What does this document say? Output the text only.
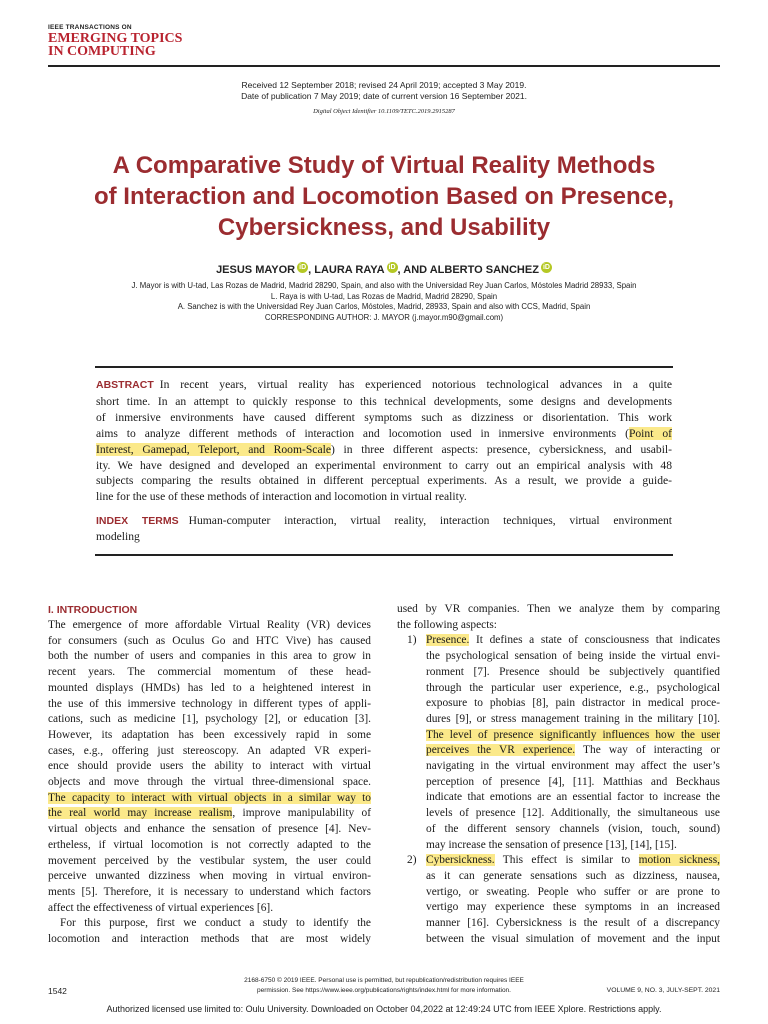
IEEE TRANSACTIONS ON
EMERGING TOPICS
IN COMPUTING
Received 12 September 2018; revised 24 April 2019; accepted 3 May 2019.
Date of publication 7 May 2019; date of current version 16 September 2021.
Digital Object Identifier 10.1109/TETC.2019.2915287
A Comparative Study of Virtual Reality Methods
of Interaction and Locomotion Based on Presence,
Cybersickness, and Usability
JESUS MAYOR iD , LAURA RAYA iD , AND ALBERTO SANCHEZ iD
J. Mayor is with U-tad, Las Rozas de Madrid, Madrid 28290, Spain, and also with the Universidad Rey Juan Carlos, Móstoles Madrid 28933, Spain
L. Raya is with U-tad, Las Rozas de Madrid, Madrid 28290, Spain
A. Sanchez is with the Universidad Rey Juan Carlos, Móstoles, Madrid, 28933, Spain and also with CCS, Madrid, Spain
CORRESPONDING AUTHOR: J. MAYOR (j.mayor.m90@gmail.com)
ABSTRACT In recent years, virtual reality has experienced notorious technological advances in a quite
short time. In an attempt to quickly response to this technical developments, some designs and developments
of inmersive environments have caused different symptoms such as dizziness or disorientation. This work
aims to analyze different methods of interaction and locomotion used in inmersive environments (Point of
Interest, Gamepad, Teleport, and Room-Scale) in three different aspects: presence, cybersickness, and usabil-
ity. We have designed and developed an experimental environment to carry out an empirical analysis with 48
subjects comparing the results obtained in different perceptual experiments. As a result, we provide a guide-
line for the use of these methods of interaction and locomotion in virtual reality.
INDEX TERMS Human-computer interaction, virtual reality, interaction techniques, virtual environment
modeling
I. INTRODUCTION
The emergence of more affordable Virtual Reality (VR) devices
for consumers (such as Oculus Go and HTC Vive) has caused
both the number of users and companies in this area to grow in
recent years. The commercial momentum of these head-
mounted displays (HMDs) has led to a heightened interest in
the use of this immersive technology in different types of appli-
cations, such as medicine [1], psychology [2], or education [3].
However, its adaptation has been excessively rapid in some
cases, e.g., offering just stereoscopy. An adapted VR experi-
ence should provide users the ability to interact with virtual
objects and move through the virtual three-dimensional space.
The capacity to interact with virtual objects in a similar way to
the real world may increase realism, improve manipulability of
virtual objects and enhance the sensation of presence [4]. Nev-
ertheless, if virtual locomotion is not correctly adapted to the
movement perceived by the vestibular system, the user could
perceive unwanted dizziness when moving in virtual environ-
ments [5]. Therefore, it is necessary to understand which factors
affect the effectiveness of virtual experiences [6].
For this purpose, first we conduct a study to identify the
locomotion and interaction methods that are most widely
used by VR companies. Then we analyze them by comparing
the following aspects:
1) Presence. It defines a state of consciousness that indicates
the psychological sensation of being inside the virtual envi-
ronment [7]. Presence should be subjectively quantified
through the particular user experience, e.g., psychological
exposure to phobias [8], pain distractor in medical proce-
dures [9], or stress management training in the military [10].
The level of presence significantly influences how the user
perceives the VR experience. The way of interacting or
navigating in the virtual environment may affect the user’s
perception of presence [4], [11]. Matthias and Beckhaus
indicate that emotions are an essential factor to increase the
levels of presence [12]. Additionally, the simultaneous use
of the different sensory channels (vision, touch, sound)
may increase the sensation of presence [13], [14], [15].
2) Cybersickness. This effect is similar to motion sickness,
as it can generate sensations such as dizziness, nausea,
vertigo, or sweating. People who suffer or are prone to
vertigo may experience these symptoms in an increased
manner [16]. Cybersickness is the result of a discrepancy
between the visual simulation of movement and the input
1542
2168-6750 © 2019 IEEE. Personal use is permitted, but republication/redistribution requires IEEE
permission. See https://www.ieee.org/publications/rights/index.html for more information.	VOLUME 9, NO. 3, JULY-SEPT. 2021
Authorized licensed use limited to: Oulu University. Downloaded on October 04,2022 at 12:49:24 UTC from IEEE Xplore. Restrictions apply.
